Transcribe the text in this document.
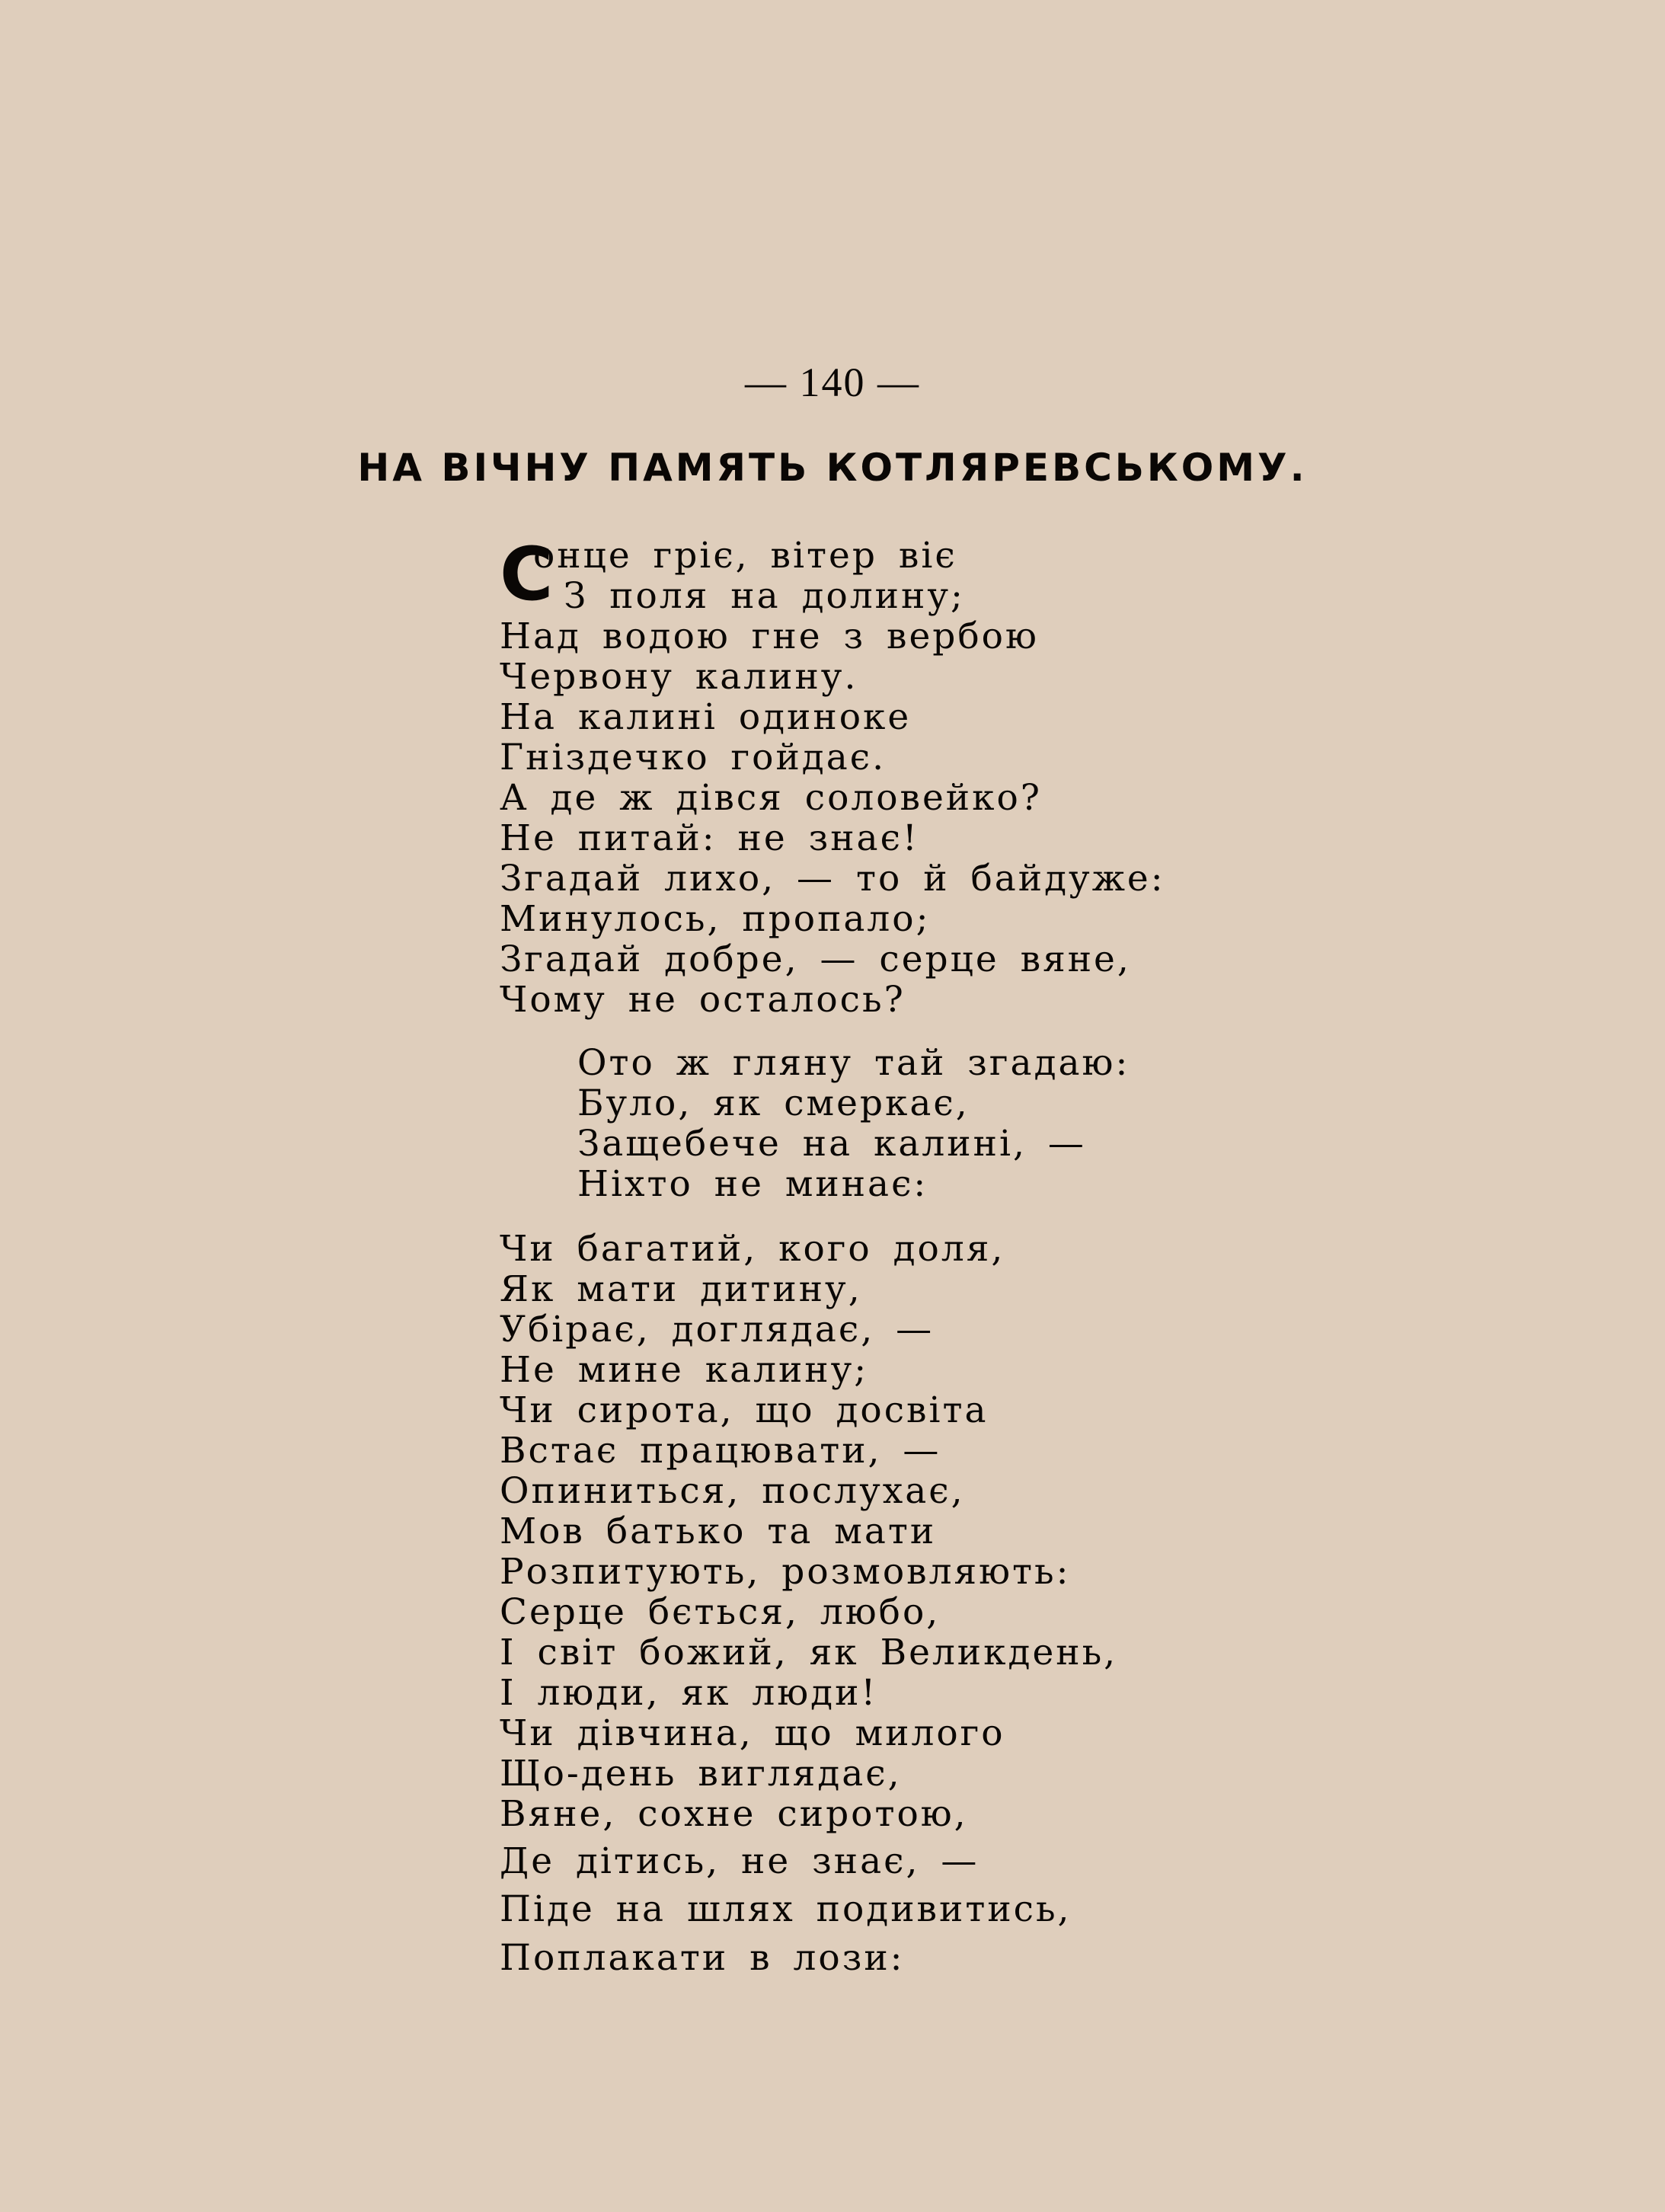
— 140 —
НА ВІЧНУ ПАМЯТЬ КОТЛЯРЕВСЬКОМУ.
С
онце гріє, вітер віє
З поля на долину;
Над водою гне з вербою
Червону калину.
На калині одиноке
Гніздечко гойдає.
А де ж дівся соловейко?
Не питай: не знає!
Згадай лихо, — то й байдуже:
Минулось, пропало;
Згадай добре, — серце вяне,
Чому не осталось?
Ото ж гляну тай згадаю:
Було, як смеркає,
Защебече на калині, —
Ніхто не минає:
Чи багатий, кого доля,
Як мати дитину,
Убірає, доглядає, —
Не мине калину;
Чи сирота, що досвіта
Встає працювати, —
Опиниться, послухає,
Мов батько та мати
Розпитують, розмовляють:
Серце бється, любо,
І світ божий, як Великдень,
І люди, як люди!
Чи дівчина, що милого
Що-день виглядає,
Вяне, сохне сиротою,
Де дітись, не знає, —
Піде на шлях подивитись,
Поплакати в лози:
